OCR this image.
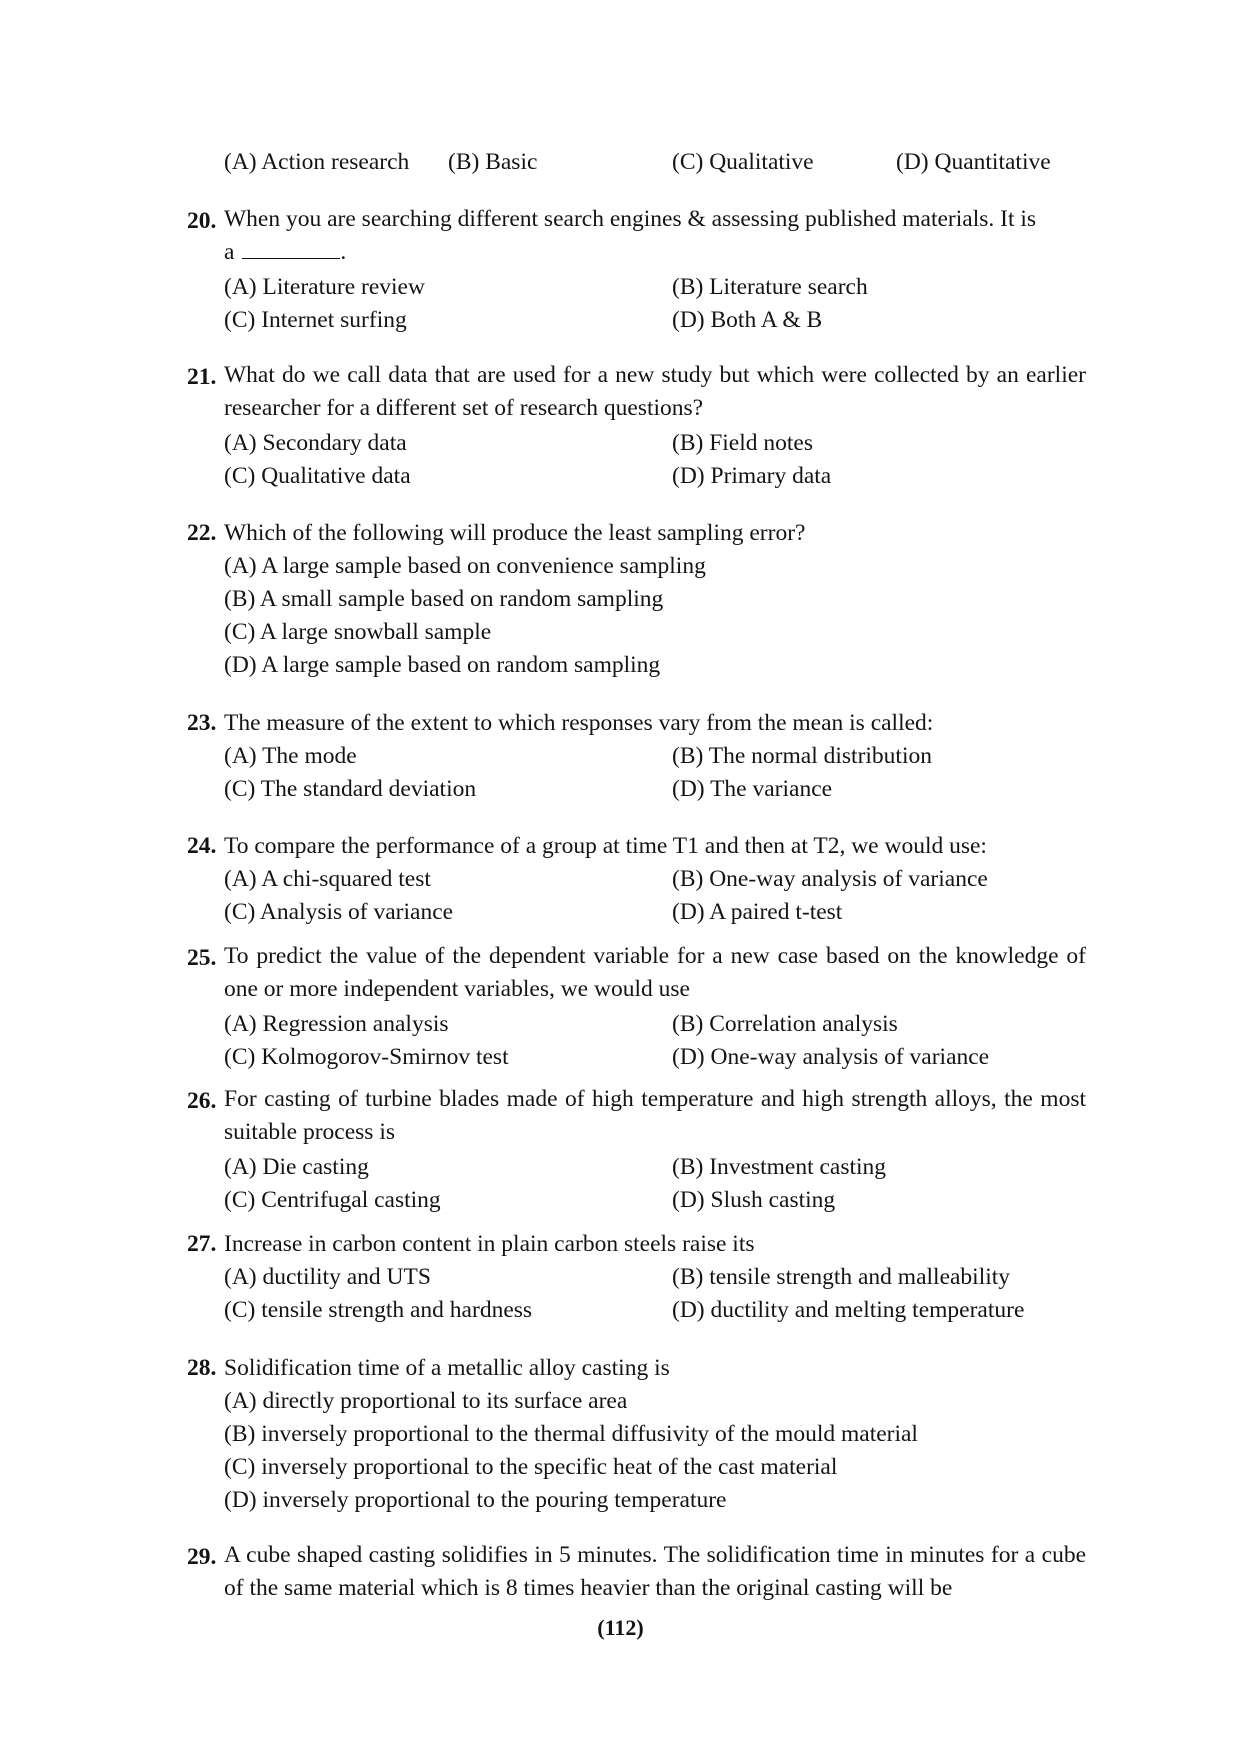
(A) Action research (B) Basic	(C) Qualitative	(D) Quantitative
20. When you are searching different search engines & assessing published materials. It is
a	.
(A) Literature review	(B) Literature search
(C) Internet surfing	(D) Both A & B
21. What do we call data that are used for a new study but which were collected by an earlier researcher for a different set of research questions?
(A) Secondary data	(B) Field notes
(C) Qualitative data	(D) Primary data
22. Which of the following will produce the least sampling error?
(A) A large sample based on convenience sampling
(B) A small sample based on random sampling
(C) A large snowball sample
(D) A large sample based on random sampling
23. The measure of the extent to which responses vary from the mean is called:
(A) The mode	(B) The normal distribution
(C) The standard deviation	(D) The variance
24. To compare the performance of a group at time T1 and then at T2, we would use:
(A) A chi-squared test	(B) One-way analysis of variance
(C) Analysis of variance	(D) A paired t-test
25. To predict the value of the dependent variable for a new case based on the knowledge of one or more independent variables, we would use
(A) Regression analysis	(B) Correlation analysis
(C) Kolmogorov-Smirnov test	(D) One-way analysis of variance
26. For casting of turbine blades made of high temperature and high strength alloys, the most suitable process is
(A) Die casting	(B) Investment casting
(C) Centrifugal casting	(D) Slush casting
27. Increase in carbon content in plain carbon steels raise its
(A) ductility and UTS	(B) tensile strength and malleability
(C) tensile strength and hardness	(D) ductility and melting temperature
28. Solidification time of a metallic alloy casting is
(A) directly proportional to its surface area
(B) inversely proportional to the thermal diffusivity of the mould material
(C) inversely proportional to the specific heat of the cast material
(D) inversely proportional to the pouring temperature
29. A cube shaped casting solidifies in 5 minutes. The solidification time in minutes for a cube of the same material which is 8 times heavier than the original casting will be
(112)
